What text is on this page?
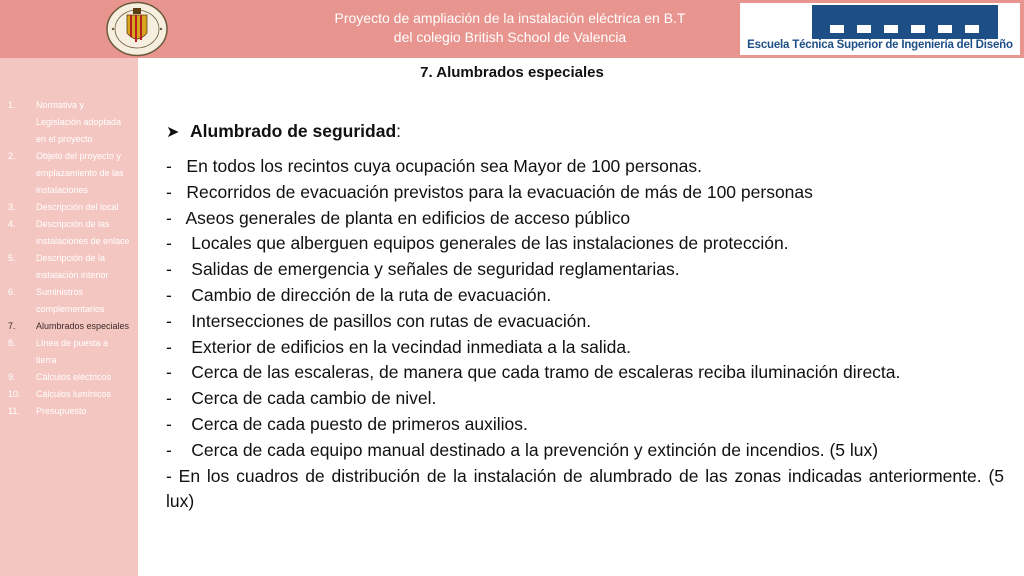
Proyecto de ampliación de la instalación eléctrica en B.T
del colegio British School de Valencia	Escuela Técnica Superior de Ingeniería del Diseño
1. Normativa y Legislación adoptada en el proyecto
2. Objeto del proyecto y emplazamiento de las instalaciones
3. Descripción del local
4. Descripción de las instalaciones de enlace
5. Descripción de la instalación interior
6. Suministros complementarios
7. Alumbrados especiales
8. Línea de puesta a tierra
9. Cálculos eléctricos
10. Cálculos lumínicos
11. Presupuesto
7. Alumbrados especiales
➤ Alumbrado de seguridad:
-   En todos los recintos cuya ocupación sea Mayor de 100 personas.
-   Recorridos de evacuación previstos para la evacuación de más de 100 personas
-   Aseos generales de planta en edificios de acceso público
-    Locales que alberguen equipos generales de las instalaciones de protección.
-    Salidas de emergencia y señales de seguridad reglamentarias.
-    Cambio de dirección de la ruta de evacuación.
-    Intersecciones de pasillos con rutas de evacuación.
-    Exterior de edificios en la vecindad inmediata a la salida.
-    Cerca de las escaleras, de manera que cada tramo de escaleras reciba iluminación directa.
-    Cerca de cada cambio de nivel.
-    Cerca de cada puesto de primeros auxilios.
-    Cerca de cada equipo manual destinado a la prevención y extinción de incendios. (5 lux)
- En los cuadros de distribución de la instalación de alumbrado de las zonas indicadas anteriormente. (5 lux)
